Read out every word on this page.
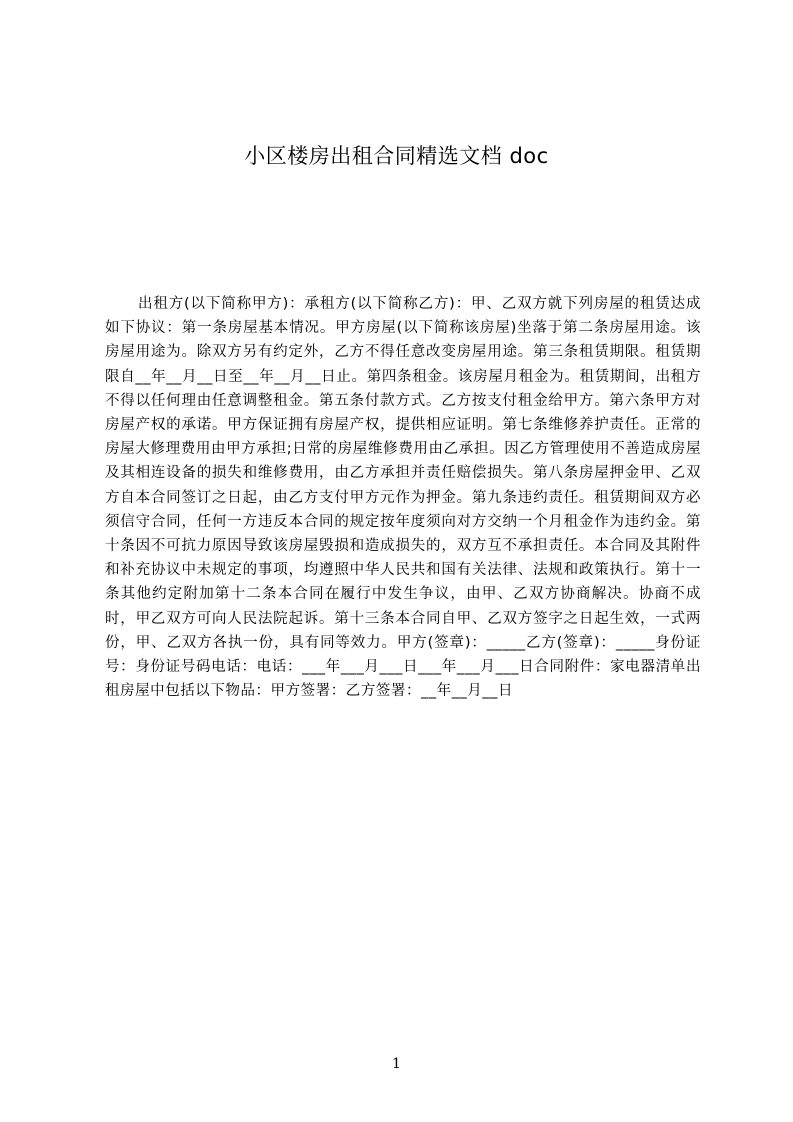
小区楼房出租合同精选文档 doc

出租方(以下简称甲方)：承租方(以下简称乙方)：甲、乙双方就下列房屋的租赁达成如下协议：第一条房屋基本情况。甲方房屋(以下简称该房屋)坐落于第二条房屋用途。该房屋用途为。除双方另有约定外，乙方不得任意改变房屋用途。第三条租赁期限。租赁期限自__年__月__日至__年__月__日止。第四条租金。该房屋月租金为。租赁期间，出租方不得以任何理由任意调整租金。第五条付款方式。乙方按支付租金给甲方。第六条甲方对房屋产权的承诺。甲方保证拥有房屋产权，提供相应证明。第七条维修养护责任。正常的房屋大修理费用由甲方承担;日常的房屋维修费用由乙承担。因乙方管理使用不善造成房屋及其相连设备的损失和维修费用，由乙方承担并责任赔偿损失。第八条房屋押金甲、乙双方自本合同签订之日起，由乙方支付甲方元作为押金。第九条违约责任。租赁期间双方必须信守合同，任何一方违反本合同的规定按年度须向对方交纳一个月租金作为违约金。第十条因不可抗力原因导致该房屋毁损和造成损失的，双方互不承担责任。本合同及其附件和补充协议中未规定的事项，均遵照中华人民共和国有关法律、法规和政策执行。第十一条其他约定附加第十二条本合同在履行中发生争议，由甲、乙双方协商解决。协商不成时，甲乙双方可向人民法院起诉。第十三条本合同自甲、乙双方签字之日起生效，一式两份，甲、乙双方各执一份，具有同等效力。甲方(签章)：_____乙方(签章)：_____身份证号：身份证号码电话：电话：___年___月___日___年___月___日合同附件：家电器清单出租房屋中包括以下物品：甲方签署：乙方签署：__年__月__日

1
